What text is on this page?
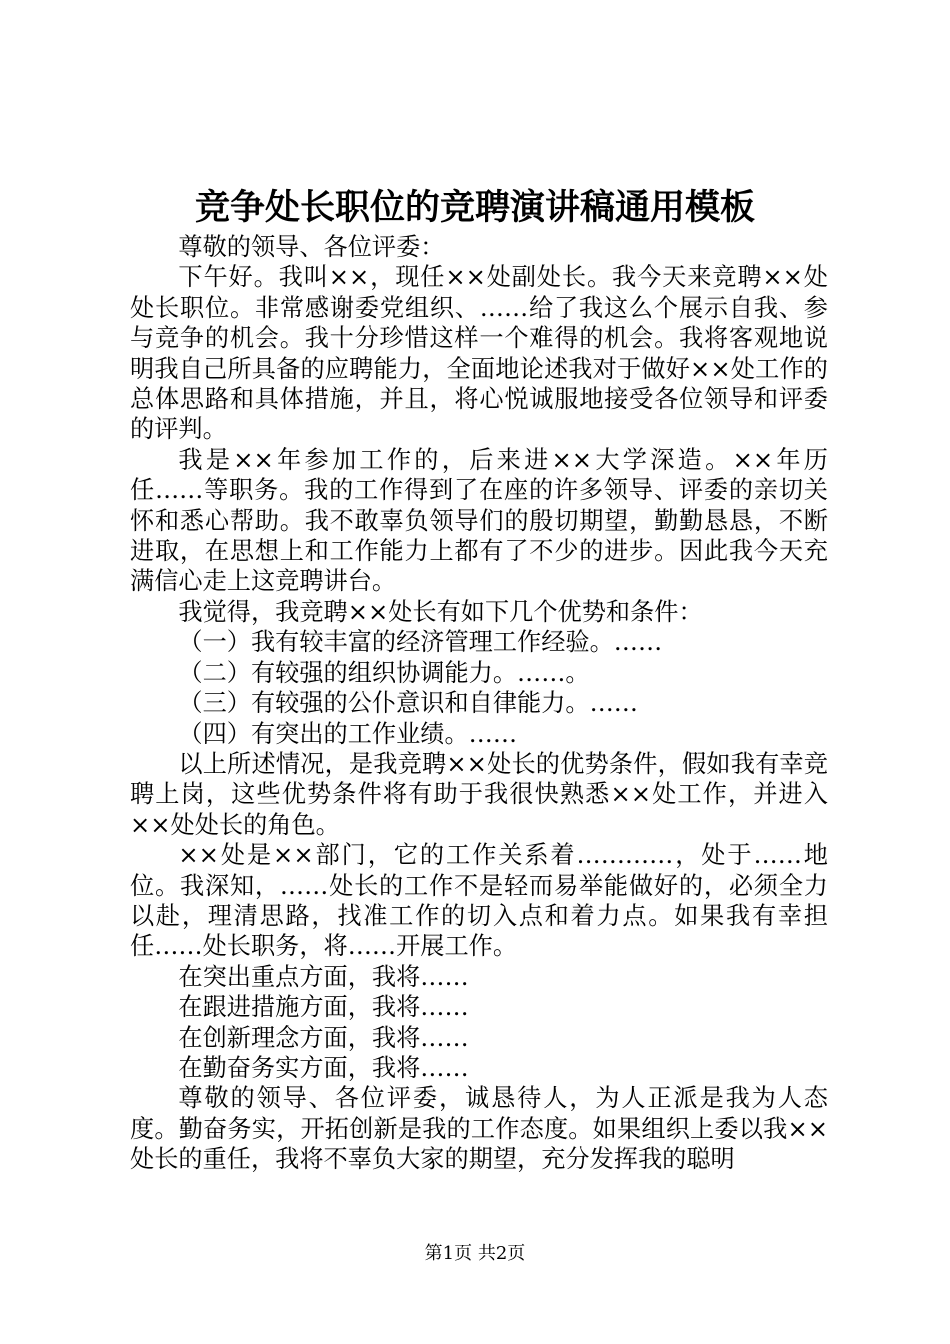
竞争处长职位的竞聘演讲稿通用模板

尊敬的领导、各位评委：

下午好。我叫××，现任××处副处长。我今天来竞聘××处处长职位。非常感谢委党组织、……给了我这么个展示自我、参与竞争的机会。我十分珍惜这样一个难得的机会。我将客观地说明我自己所具备的应聘能力，全面地论述我对于做好××处工作的总体思路和具体措施，并且，将心悦诚服地接受各位领导和评委的评判。

我是××年参加工作的，后来进××大学深造。××年历任……等职务。我的工作得到了在座的许多领导、评委的亲切关怀和悉心帮助。我不敢辜负领导们的殷切期望，勤勤恳恳，不断进取，在思想上和工作能力上都有了不少的进步。因此我今天充满信心走上这竞聘讲台。

我觉得，我竞聘××处长有如下几个优势和条件：

（一）我有较丰富的经济管理工作经验。……

（二）有较强的组织协调能力。……。

（三）有较强的公仆意识和自律能力。……

（四）有突出的工作业绩。……

以上所述情况，是我竞聘××处长的优势条件，假如我有幸竞聘上岗，这些优势条件将有助于我很快熟悉××处工作，并进入××处处长的角色。

××处是××部门，它的工作关系着…………，处于……地位。我深知，……处长的工作不是轻而易举能做好的，必须全力以赴，理清思路，找准工作的切入点和着力点。如果我有幸担任……处长职务，将……开展工作。

在突出重点方面，我将……

在跟进措施方面，我将……

在创新理念方面，我将……

在勤奋务实方面，我将……

尊敬的领导、各位评委，诚恳待人，为人正派是我为人态度。勤奋务实，开拓创新是我的工作态度。如果组织上委以我××处长的重任，我将不辜负大家的期望，充分发挥我的聪明

第1页 共2页
